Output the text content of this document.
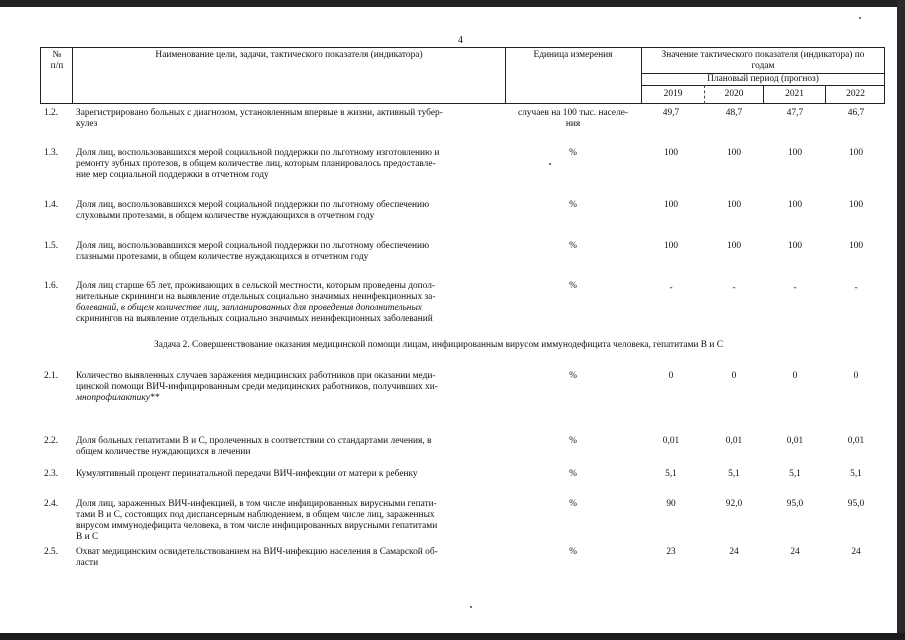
4
№
п/п
Наименование цели, задачи, тактического показателя (индикатора)	Единица измерения	Значение тактического показателя (индикатора) по
годам
Плановый период (прогноз)
2019	2020	2021	2022
1.2. Зарегистрировано больных с диагнозом, установленным впервые в жизни, активный тубер-
кулез
случаев на 100 тыс. населе-
ния
49,7	48,7	47,7	46,7
1.3. Доля лиц, воспользовавшихся мерой социальной поддержки по льготному изготовлению и
ремонту зубных протезов, в общем количестве лиц, которым планировалось предоставле-
ние мер социальной поддержки в отчетном году
%	100	100	100	100
1.4. Доля лиц, воспользовавшихся мерой социальной поддержки по льготному обеспечению
слуховыми протезами, в общем количестве нуждающихся в отчетном году
%	100	100	100	100
1.5. Доля лиц, воспользовавшихся мерой социальной поддержки по льготному обеспечению
глазными протезами, в общем количестве нуждающихся в отчетном году
%	100	100	100	100
1.6. Доля лиц старше 65 лет, проживающих в сельской местности, которым проведены допол-
нительные скрининги на выявление отдельных социально значимых неинфекционных за-
болеваний, в общем количестве лиц, запланированных для проведения дополнительных
скринингов на выявление отдельных социально значимых неинфекционных заболеваний
%	-	-	-	-
Задача 2. Совершенствование оказания медицинской помощи лицам, инфицированным вирусом иммунодефицита человека, гепатитами В и С
2.1. Количество выявленных случаев заражения медицинских работников при оказании меди-
цинской помощи ВИЧ-инфицированным среди медицинских работников, получивших хи-
мнопрофилактику**
%	0	0	0	0
2.2. Доля больных гепатитами В и С, пролеченных в соответствии со стандартами лечения, в
общем количестве нуждающихся в лечении
%	0,01	0,01	0,01	0,01
2.3. Кумулятивный процент перинатальной передачи ВИЧ-инфекции от матери к ребенку	%	5,1	5,1	5,1	5,1
2.4. Доля лиц, зараженных ВИЧ-инфекцией, в том числе инфицированных вирусными гепати-
тами В и С, состоящих под диспансерным наблюдением, в общем числе лиц, зараженных
вирусом иммунодефицита человека, в том числе инфицированных вирусными гепатитами
В и С
%	90	92,0	95,0	95,0
2.5. Охват медицинским освидетельствованием на ВИЧ-инфекцию населения в Самарской об-
ласти
%	23	24	24	24
